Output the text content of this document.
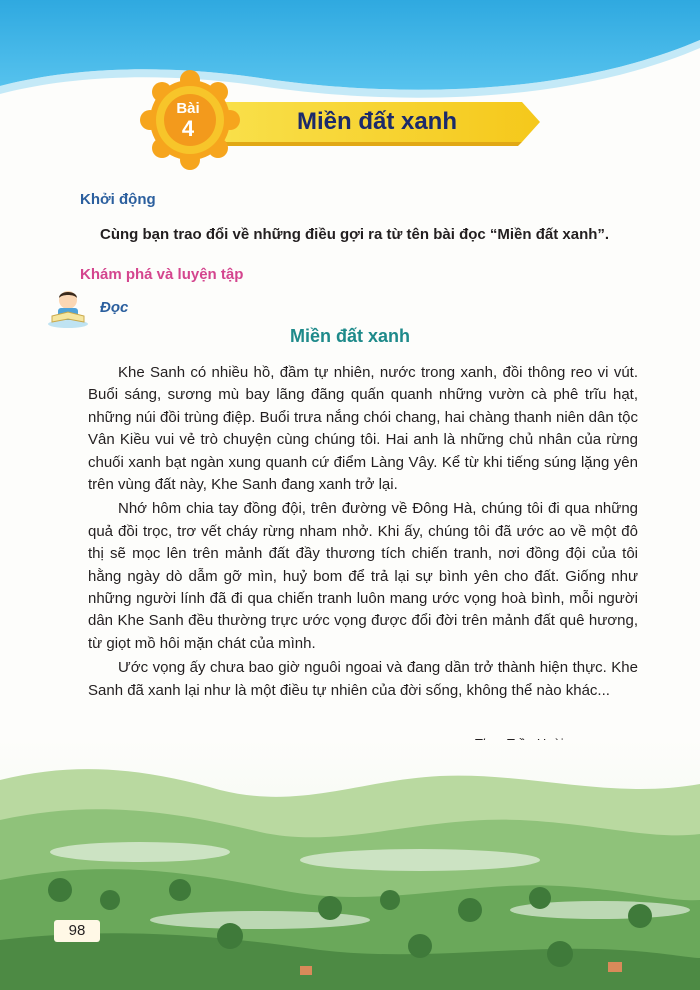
Bài
4	Miền đất xanh
Khởi động
Cùng bạn trao đổi về những điều gợi ra từ tên bài đọc “Miền đất xanh”.
Khám phá và luyện tập
Đọc
Miền đất xanh

Khe Sanh có nhiều hồ, đầm tự nhiên, nước trong xanh, đồi thông reo vi vút. Buổi sáng, sương mù bay lãng đãng quấn quanh những vườn cà phê trĩu hạt, những núi đồi trùng điệp. Buổi trưa nắng chói chang, hai chàng thanh niên dân tộc Vân Kiều vui vẻ trò chuyện cùng chúng tôi. Hai anh là những chủ nhân của rừng chuối xanh bạt ngàn xung quanh cứ điểm Làng Vây. Kể từ khi tiếng súng lặng yên trên vùng đất này, Khe Sanh đang xanh trở lại.

Nhớ hôm chia tay đồng đội, trên đường về Đông Hà, chúng tôi đi qua những quả đồi trọc, trơ vết cháy rừng nham nhở. Khi ấy, chúng tôi đã ước ao về một đô thị sẽ mọc lên trên mảnh đất đầy thương tích chiến tranh, nơi đồng đội của tôi hằng ngày dò dẫm gỡ mìn, huỷ bom để trả lại sự bình yên cho đất. Giống như những người lính đã đi qua chiến tranh luôn mang ước vọng hoà bình, mỗi người dân Khe Sanh đều thường trực ước vọng được đổi đời trên mảnh đất quê hương, từ giọt mồ hôi mặn chát của mình.

Ước vọng ấy chưa bao giờ nguôi ngoai và đang dần trở thành hiện thực. Khe Sanh đã xanh lại như là một điều tự nhiên của đời sống, không thể nào khác...

98
